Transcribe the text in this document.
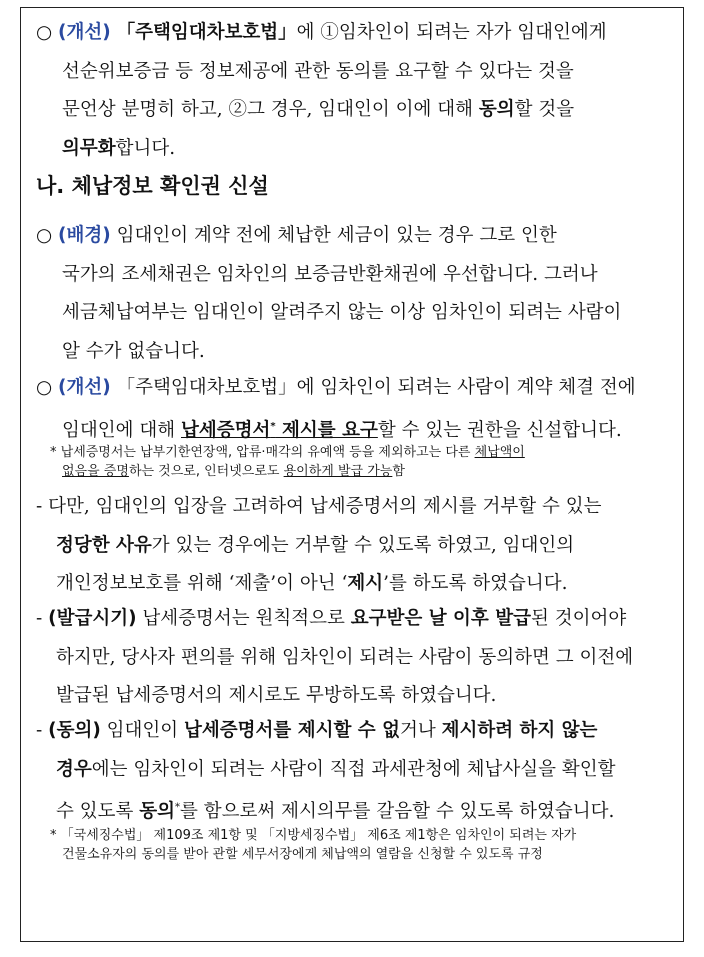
○ (개선) 「주택임대차보호법」에 ①임차인이 되려는 자가 임대인에게
선순위보증금 등 정보제공에 관한 동의를 요구할 수 있다는 것을
문언상 분명히 하고, ②그 경우, 임대인이 이에 대해 동의할 것을
의무화합니다.
나. 체납정보 확인권 신설
○ (배경) 임대인이 계약 전에 체납한 세금이 있는 경우 그로 인한
국가의 조세채권은 임차인의 보증금반환채권에 우선합니다. 그러나
세금체납여부는 임대인이 알려주지 않는 이상 임차인이 되려는 사람이
알 수가 없습니다.
○ (개선) 「주택임대차보호법」에 임차인이 되려는 사람이 계약 체결 전에
임대인에 대해 납세증명서* 제시를 요구할 수 있는 권한을 신설합니다.
* 납세증명서는 납부기한연장액, 압류·매각의 유예액 등을 제외하고는 다른 체납액이
없음을 증명하는 것으로, 인터넷으로도 용이하게 발급 가능함
- 다만, 임대인의 입장을 고려하여 납세증명서의 제시를 거부할 수 있는
정당한 사유가 있는 경우에는 거부할 수 있도록 하였고, 임대인의
개인정보보호를 위해 ‘제출’이 아닌 ‘제시’를 하도록 하였습니다.
- (발급시기) 납세증명서는 원칙적으로 요구받은 날 이후 발급된 것이어야
하지만, 당사자 편의를 위해 임차인이 되려는 사람이 동의하면 그 이전에
발급된 납세증명서의 제시로도 무방하도록 하였습니다.
- (동의) 임대인이 납세증명서를 제시할 수 없거나 제시하려 하지 않는
경우에는 임차인이 되려는 사람이 직접 과세관청에 체납사실을 확인할
수 있도록 동의*를 함으로써 제시의무를 갈음할 수 있도록 하였습니다.
* 「국세징수법」 제109조 제1항 및 「지방세징수법」 제6조 제1항은 임차인이 되려는 자가
건물소유자의 동의를 받아 관할 세무서장에게 체납액의 열람을 신청할 수 있도록 규정
